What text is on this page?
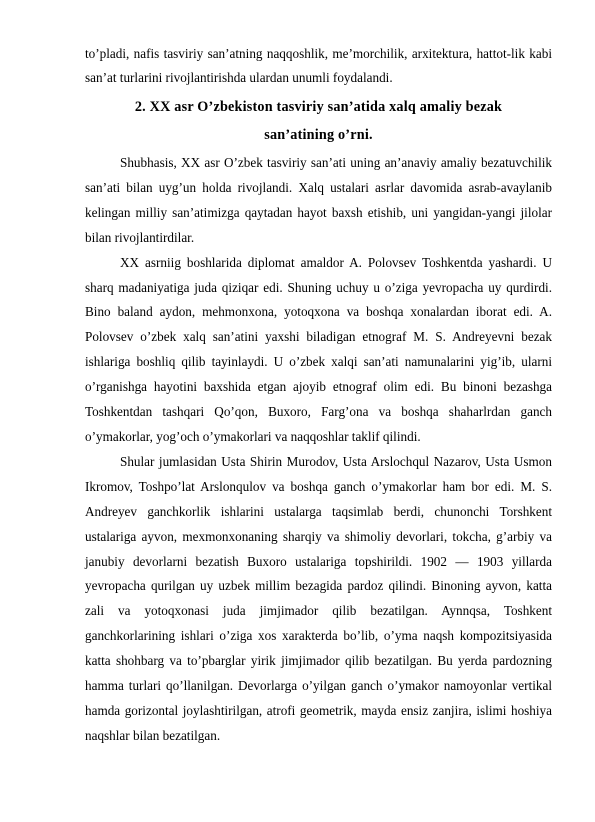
to’pladi, nafis tasviriy san’atning naqqoshlik, me’morchilik, arxitektura, hattot-lik kabi san’at turlarini rivojlantirishda ulardan unumli foydalandi.

2. XX asr O’zbekiston tasviriy san’atida xalq amaliy bezak
san’atining o’rni.

Shubhasis, XX asr O’zbek tasviriy san’ati uning an’anaviy amaliy bezatuvchilik san’ati bilan uyg’un holda rivojlandi. Xalq ustalari asrlar davomida asrab-avaylanib kelingan milliy san’atimizga qaytadan hayot baxsh etishib, uni yangidan-yangi jilolar bilan rivojlantirdilar.

XX asrniig boshlarida diplomat amaldor A. Polovsev Toshkentda yashardi. U sharq madaniyatiga juda qiziqar edi. Shuning uchuy u o’ziga yevropacha uy qurdirdi. Bino baland aydon, mehmonxona, yotoqxona va boshqa xonalardan iborat edi. A. Polovsev o’zbek xalq san’atini yaxshi biladigan etnograf M. S. Andreyevni bezak ishlariga boshliq qilib tayinlaydi. U o’zbek xalqi san’ati namunalarini yig’ib, ularni o’rganishga hayotini baxshida etgan ajoyib etnograf olim edi. Bu binoni bezashga Toshkentdan tashqari Qo’qon, Buxoro, Farg’ona va boshqa shaharlrdan ganch o’ymakorlar, yog’och o’ymakorlari va naqqoshlar taklif qilindi.

Shular jumlasidan Usta Shirin Murodov, Usta Arslochqul Nazarov, Usta Usmon Ikromov, Toshpo’lat Arslonqulov va boshqa ganch o’ymakorlar ham bor edi. M. S. Andreyev ganchkorlik ishlarini ustalarga taqsimlab berdi, chunonchi Torshkent ustalariga ayvon, mexmonxonaning sharqiy va shimoliy devorlari, tokcha, g’arbiy va janubiy devorlarni bezatish Buxoro ustalariga topshirildi. 1902 — 1903 yillarda yevropacha qurilgan uy uzbek millim bezagida pardoz qilindi. Binoning ayvon, katta zali va yotoqxonasi juda jimjimador qilib bezatilgan. Aynnqsa, Toshkent ganchkorlarining ishlari o’ziga xos xarakterda bo’lib, o’yma naqsh kompozitsiyasida katta shohbarg va to’pbarglar yirik jimjimador qilib bezatilgan. Bu yerda pardozning hamma turlari qo’llanilgan. Devorlarga o’yilgan ganch o’ymakor namoyonlar vertikal hamda gorizontal joylashtirilgan, atrofi geometrik, mayda ensiz zanjira, islimi hoshiya naqshlar bilan bezatilgan.
